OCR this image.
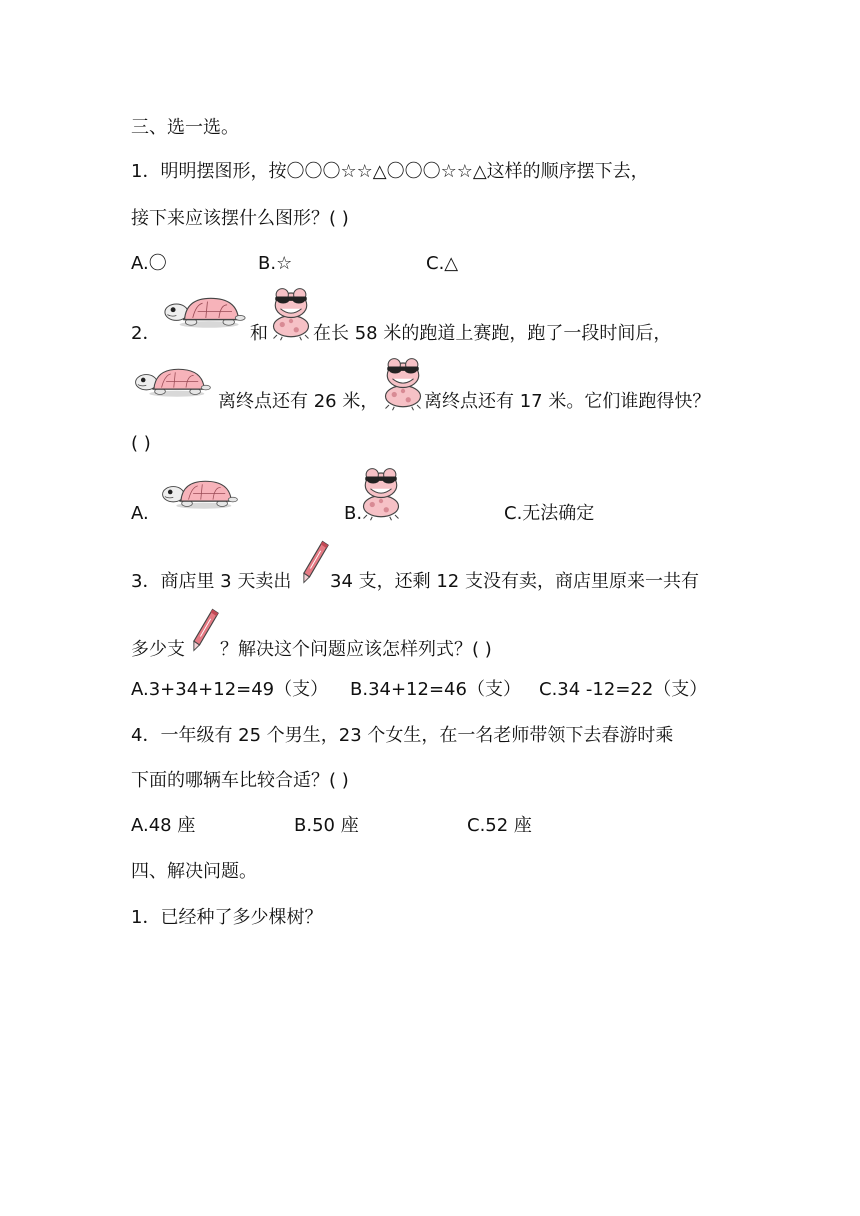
三、选一选。
1．明明摆图形，按〇〇〇☆☆△〇〇〇☆☆△这样的顺序摆下去，
接下来应该摆什么图形？( )
A.〇	B.☆	C.△
2．	和	在长 58 米的跑道上赛跑，跑了一段时间后，
离终点还有 26 米，	离终点还有 17 米。它们谁跑得快？
( )
A.	B.	C.无法确定
3．商店里 3 天卖出 34 支，还剩 12 支没有卖，商店里原来一共有
多少支 ？解决这个问题应该怎样列式？( )
A.3+34+12=49（支） B.34+12=46（支） C.34 -12=22（支）
4．一年级有 25 个男生，23 个女生，在一名老师带领下去春游时乘
下面的哪辆车比较合适？( )
A.48 座	B.50 座	C.52 座
四、解决问题。
1．已经种了多少棵树？
